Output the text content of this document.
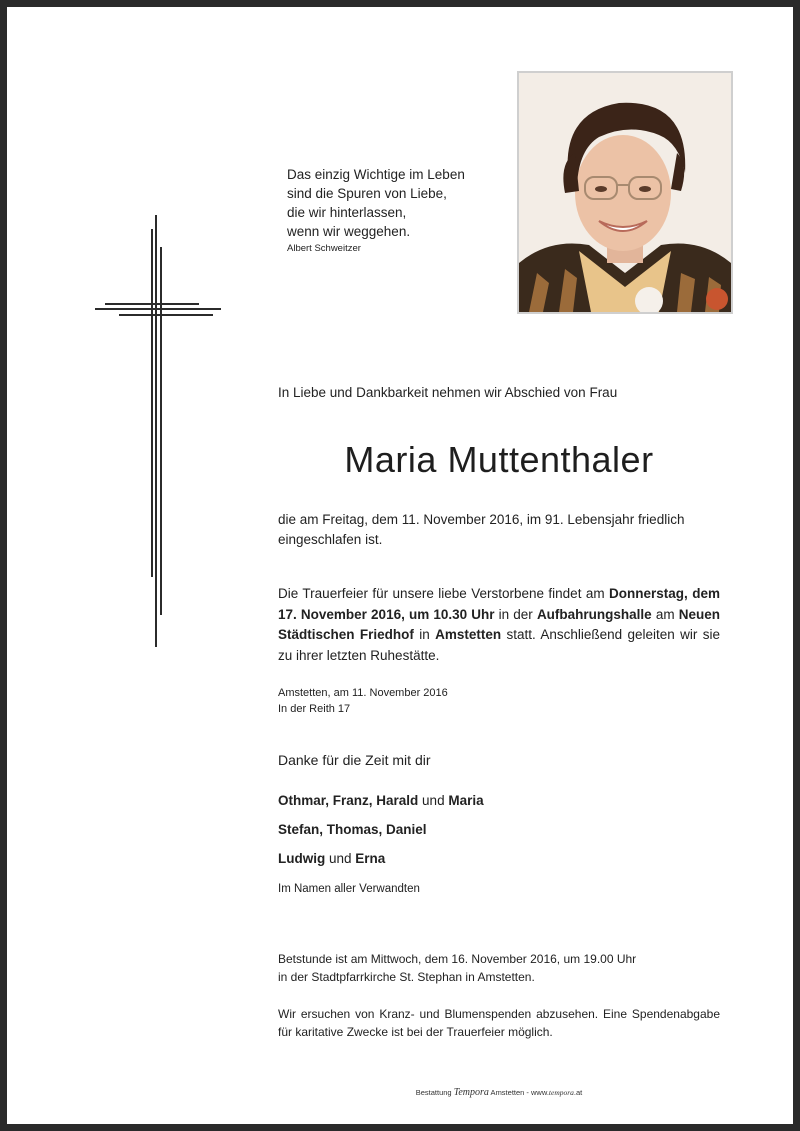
Das einzig Wichtige im Leben
sind die Spuren von Liebe,
die wir hinterlassen,
wenn wir weggehen.
Albert Schweitzer
In Liebe und Dankbarkeit nehmen wir Abschied von Frau
Maria Muttenthaler
die am Freitag, dem 11. November 2016, im 91. Lebensjahr friedlich eingeschlafen ist.
Die Trauerfeier für unsere liebe Verstorbene findet am Donnerstag, dem 17. November 2016, um 10.30 Uhr in der Aufbahrungshalle am Neuen Städtischen Friedhof in Amstetten statt. Anschließend geleiten wir sie zu ihrer letzten Ruhestätte.
Amstetten, am 11. November 2016
In der Reith 17
Danke für die Zeit mit dir
Othmar, Franz, Harald und Maria
Stefan, Thomas, Daniel
Ludwig und Erna
Im Namen aller Verwandten
Betstunde ist am Mittwoch, dem 16. November 2016, um 19.00 Uhr
in der Stadtpfarrkirche St. Stephan in Amstetten.
Wir ersuchen von Kranz- und Blumenspenden abzusehen. Eine Spendenabgabe für karitative Zwecke ist bei der Trauerfeier möglich.
Bestattung Tempora Amstetten - www.tempora.at
